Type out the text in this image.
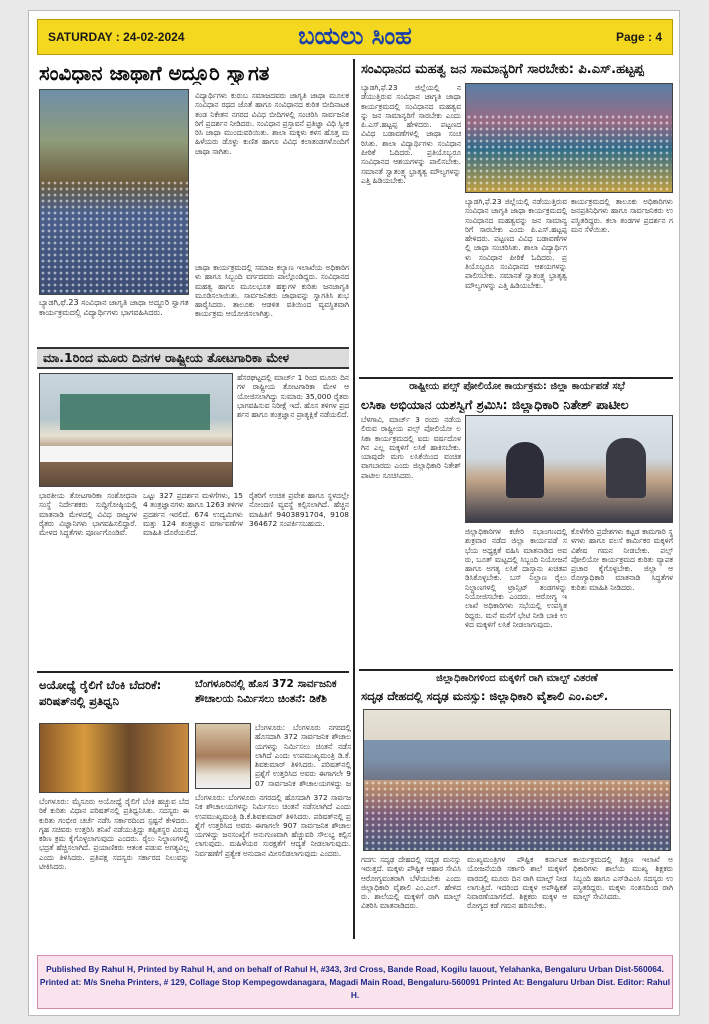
SATURDAY : 24-02-2024	ಬಯಲು ಸಿಂಹ	Page : 4
ಸಂವಿಧಾನ ಜಾಥಾಗೆ ಅದ್ದೂರಿ ಸ್ವಾಗತ
ಬ್ಯಾಡಗಿ,ಫೆ.23 ಸಂವಿಧಾನ ಜಾಗೃತಿ ಜಾಥಾ ಅದ್ದೂರಿ ಸ್ವಾಗತ ಕಾರ್ಯಕ್ರಮದಲ್ಲಿ ವಿದ್ಯಾರ್ಥಿಗಳು ಭಾಗವಹಿಸಿದರು.
ವಿದ್ಯಾರ್ಥಿಗಳು ಕುರುಬ ಸಮಾಜದವರು ಜಾಗೃತಿ ಜಾಥಾ ಮೂಲಕ ಸಂವಿಧಾನ ರಥದ ಜೊತೆ ಹಾಗೂ ಸಂವಿಧಾನದ ಕುರಿತ ಬೀದಿನಾಟಕ ತಂಡ ನಿಕೇತನ ನಗರದ ವಿವಿಧ ಬೀದಿಗಳಲ್ಲಿ ಸಂಚರಿಸಿ ಸಾರ್ವಜನಿಕರಿಗೆ ಪ್ರದರ್ಶನ ನೀಡಿದರು. ಸಂವಿಧಾನ ಪ್ರಸ್ತಾವನೆ ಪ್ರತಿಜ್ಞಾ ವಿಧಿ ಸ್ವೀಕರಿಸಿ ಜಾಥಾ ಮುಂದುವರಿಯಿತು. ಶಾಲಾ ಮಕ್ಕಳು ಕಳಸ ಹೊತ್ತ ಮಹಿಳೆಯರು ಡೊಳ್ಳು ಕುಣಿತ ಹಾಗೂ ವಿವಿಧ ಕಲಾತಂಡಗಳೊಂದಿಗೆ ಜಾಥಾ ಸಾಗಿತು.
ಜಾಥಾ ಕಾರ್ಯಕ್ರಮದಲ್ಲಿ ಸಮಾಜ ಕಲ್ಯಾಣ ಇಲಾಖೆಯ ಅಧಿಕಾರಿಗಳು ಹಾಗೂ ಸಿಬ್ಬಂದಿ ವರ್ಗದವರು ಪಾಲ್ಗೊಂಡಿದ್ದರು. ಸಂವಿಧಾನದ ಮಹತ್ವ ಹಾಗೂ ಮೂಲಭೂತ ಹಕ್ಕುಗಳ ಕುರಿತು ಜನಜಾಗೃತಿ ಮೂಡಿಸಲಾಯಿತು. ಸಾರ್ವಜನಿಕರು ಜಾಥಾವನ್ನು ಸ್ವಾಗತಿಸಿ ಶುಭ ಹಾರೈಸಿದರು. ತಾಲೂಕು ಆಡಳಿತ ವತಿಯಿಂದ ವ್ಯವಸ್ಥಿತವಾಗಿ ಕಾರ್ಯಕ್ರಮ ಆಯೋಜಿಸಲಾಗಿತ್ತು.
ಮಾ.1ರಿಂದ ಮೂರು ದಿನಗಳ ರಾಷ್ಟ್ರೀಯ ತೋಟಗಾರಿಕಾ ಮೇಳ
ಹೆಸರಘಟ್ಟದಲ್ಲಿ ಮಾರ್ಚ್ 1 ರಿಂದ ಮೂರು ದಿನಗಳ ರಾಷ್ಟ್ರೀಯ ತೋಟಗಾರಿಕಾ ಮೇಳ ಆಯೋಜಿಸಲಾಗಿದ್ದು ಸುಮಾರು 35,000 ರೈತರು ಭಾಗವಹಿಸುವ ನಿರೀಕ್ಷೆ ಇದೆ. ಹೊಸ ತಳಿಗಳ ಪ್ರದರ್ಶನ ಹಾಗೂ ತಂತ್ರಜ್ಞಾನ ಪ್ರಾತ್ಯಕ್ಷಿಕೆ ನಡೆಯಲಿದೆ.
ಭಾರತೀಯ ತೋಟಗಾರಿಕಾ ಸಂಶೋಧನಾ ಸಂಸ್ಥೆ ನಿರ್ದೇಶಕರು ಸುದ್ದಿಗೋಷ್ಠಿಯಲ್ಲಿ ಮಾತನಾಡಿ ಮೇಳದಲ್ಲಿ ವಿವಿಧ ರಾಜ್ಯಗಳ ರೈತರು ವಿಜ್ಞಾನಿಗಳು ಭಾಗವಹಿಸಲಿದ್ದಾರೆ. ಮೇಳದ ಸಿದ್ಧತೆಗಳು ಪೂರ್ಣಗೊಂಡಿವೆ.
ಒಟ್ಟು 327 ಪ್ರದರ್ಶನ ಮಳಿಗೆಗಳು, 154 ತಂತ್ರಜ್ಞಾನಗಳು ಹಾಗೂ 1263 ತಳಿಗಳ ಪ್ರದರ್ಶನ ಇರಲಿದೆ. 674 ಉದ್ಯಮಿಗಳು ಮತ್ತು 124 ತಂತ್ರಜ್ಞಾನ ವರ್ಗಾವಣೆಗಳ ಮಾಹಿತಿ ದೊರೆಯಲಿದೆ.
ರೈತರಿಗೆ ಉಚಿತ ಪ್ರವೇಶ ಹಾಗೂ ಸ್ಥಳದಲ್ಲೇ ನೋಂದಣಿ ವ್ಯವಸ್ಥೆ ಕಲ್ಪಿಸಲಾಗಿದೆ. ಹೆಚ್ಚಿನ ಮಾಹಿತಿಗೆ 9403891704, 9108364672 ಸಂಪರ್ಕಿಸಬಹುದು.
ಅಯೋಧ್ಯೆ ರೈಲಿಗೆ ಬೆಂಕಿ ಬೆದರಿಕೆ: ಪರಿಷತ್‌ನಲ್ಲಿ ಪ್ರತಿಧ್ವನಿ
ಬೆಂಗಳೂರು: ಮೈಸೂರು ಅಯೋಧ್ಯೆ ರೈಲಿಗೆ ಬೆಂಕಿ ಹಚ್ಚುವ ಬೆದರಿಕೆ ಕುರಿತು ವಿಧಾನ ಪರಿಷತ್‌ನಲ್ಲಿ ಪ್ರತಿಧ್ವನಿಸಿತು. ಸದಸ್ಯರು ಈ ಕುರಿತು ಗಂಭೀರ ಚರ್ಚೆ ನಡೆಸಿ ಸರ್ಕಾರದಿಂದ ಸ್ಪಷ್ಟನೆ ಕೇಳಿದರು. ಗೃಹ ಸಚಿವರು ಉತ್ತರಿಸಿ ತನಿಖೆ ನಡೆಯುತ್ತಿದ್ದು ತಪ್ಪಿತಸ್ಥರ ವಿರುದ್ಧ ಕಠಿಣ ಕ್ರಮ ಕೈಗೊಳ್ಳಲಾಗುವುದು ಎಂದರು. ರೈಲು ನಿಲ್ದಾಣಗಳಲ್ಲಿ ಭದ್ರತೆ ಹೆಚ್ಚಿಸಲಾಗಿದೆ. ಪ್ರಯಾಣಿಕರು ಆತಂಕ ಪಡುವ ಅಗತ್ಯವಿಲ್ಲ ಎಂದು ತಿಳಿಸಿದರು. ಪ್ರತಿಪಕ್ಷ ಸದಸ್ಯರು ಸರ್ಕಾರದ ನಿಲುವನ್ನು ಟೀಕಿಸಿದರು.
ಬೆಂಗಳೂರಿನಲ್ಲಿ ಹೊಸ 372 ಸಾರ್ವಜನಿಕ ಶೌಚಾಲಯ ನಿರ್ಮಿಸಲು ಚಿಂತನೆ: ಡಿಕೆಶಿ
ಬೆಂಗಳೂರು: ಬೆಂಗಳೂರು ನಗರದಲ್ಲಿ ಹೊಸದಾಗಿ 372 ಸಾರ್ವಜನಿಕ ಶೌಚಾಲಯಗಳನ್ನು ನಿರ್ಮಿಸಲು ಚಿಂತನೆ ನಡೆಸಲಾಗಿದೆ ಎಂದು ಉಪಮುಖ್ಯಮಂತ್ರಿ ಡಿ.ಕೆ.ಶಿವಕುಮಾರ್ ತಿಳಿಸಿದರು. ಪರಿಷತ್‌ನಲ್ಲಿ ಪ್ರಶ್ನೆಗೆ ಉತ್ತರಿಸಿದ ಅವರು ಈಗಾಗಲೇ 907 ಸಾರ್ವಜನಿಕ ಶೌಚಾಲಯಗಳಿದ್ದು ಜ
ಬೆಂಗಳೂರು: ಬೆಂಗಳೂರು ನಗರದಲ್ಲಿ ಹೊಸದಾಗಿ 372 ಸಾರ್ವಜನಿಕ ಶೌಚಾಲಯಗಳನ್ನು ನಿರ್ಮಿಸಲು ಚಿಂತನೆ ನಡೆಸಲಾಗಿದೆ ಎಂದು ಉಪಮುಖ್ಯಮಂತ್ರಿ ಡಿ.ಕೆ.ಶಿವಕುಮಾರ್ ತಿಳಿಸಿದರು. ಪರಿಷತ್‌ನಲ್ಲಿ ಪ್ರಶ್ನೆಗೆ ಉತ್ತರಿಸಿದ ಅವರು ಈಗಾಗಲೇ 907 ಸಾರ್ವಜನಿಕ ಶೌಚಾಲಯಗಳಿದ್ದು ಜನಸಂಖ್ಯೆಗೆ ಅನುಗುಣವಾಗಿ ಹೆಚ್ಚುವರಿ ಸೌಲಭ್ಯ ಕಲ್ಪಿಸಲಾಗುವುದು. ಮಹಿಳೆಯರ ಸುರಕ್ಷತೆಗೆ ಆದ್ಯತೆ ನೀಡಲಾಗುವುದು. ನಿರ್ವಹಣೆಗೆ ಪ್ರತ್ಯೇಕ ಅನುದಾನ ಮೀಸಲಿಡಲಾಗುವುದು ಎಂದರು.
ಸಂವಿಧಾನದ ಮಹತ್ವ ಜನ ಸಾಮಾನ್ಯರಿಗೆ ಸಾರಬೇಕು: ಪಿ.ಎಸ್.ಹಟ್ಟಪ್ಪ
ಬ್ಯಾಡಗಿ,ಫೆ.23 ಜಿಲ್ಲೆಯಲ್ಲಿ ನಡೆಯುತ್ತಿರುವ ಸಂವಿಧಾನ ಜಾಗೃತಿ ಜಾಥಾ ಕಾರ್ಯಕ್ರಮದಲ್ಲಿ ಸಂವಿಧಾನದ ಮಹತ್ವವನ್ನು ಜನ ಸಾಮಾನ್ಯರಿಗೆ ಸಾರಬೇಕು ಎಂದು ಪಿ.ಎಸ್.ಹಟ್ಟಪ್ಪ ಹೇಳಿದರು. ಪಟ್ಟಣದ ವಿವಿಧ ಬಡಾವಣೆಗಳಲ್ಲಿ ಜಾಥಾ ಸಂಚರಿಸಿತು. ಶಾಲಾ ವಿದ್ಯಾರ್ಥಿಗಳು ಸಂವಿಧಾನ ಪೀಠಿಕೆ ಓದಿದರು. ಪ್ರತಿಯೊಬ್ಬರೂ ಸಂವಿಧಾನದ ಆಶಯಗಳನ್ನು ಪಾಲಿಸಬೇಕು. ಸಮಾನತೆ ಸ್ವಾತಂತ್ರ್ಯ ಭ್ರಾತೃತ್ವ ಮೌಲ್ಯಗಳನ್ನು ಎತ್ತಿ ಹಿಡಿಯಬೇಕು.
ಬ್ಯಾಡಗಿ,ಫೆ.23 ಜಿಲ್ಲೆಯಲ್ಲಿ ನಡೆಯುತ್ತಿರುವ ಸಂವಿಧಾನ ಜಾಗೃತಿ ಜಾಥಾ ಕಾರ್ಯಕ್ರಮದಲ್ಲಿ ಸಂವಿಧಾನದ ಮಹತ್ವವನ್ನು ಜನ ಸಾಮಾನ್ಯರಿಗೆ ಸಾರಬೇಕು ಎಂದು ಪಿ.ಎಸ್.ಹಟ್ಟಪ್ಪ ಹೇಳಿದರು. ಪಟ್ಟಣದ ವಿವಿಧ ಬಡಾವಣೆಗಳಲ್ಲಿ ಜಾಥಾ ಸಂಚರಿಸಿತು. ಶಾಲಾ ವಿದ್ಯಾರ್ಥಿಗಳು ಸಂವಿಧಾನ ಪೀಠಿಕೆ ಓದಿದರು. ಪ್ರತಿಯೊಬ್ಬರೂ ಸಂವಿಧಾನದ ಆಶಯಗಳನ್ನು ಪಾಲಿಸಬೇಕು. ಸಮಾನತೆ ಸ್ವಾತಂತ್ರ್ಯ ಭ್ರಾತೃತ್ವ ಮೌಲ್ಯಗಳನ್ನು ಎತ್ತಿ ಹಿಡಿಯಬೇಕು.
ಕಾರ್ಯಕ್ರಮದಲ್ಲಿ ತಾಲೂಕು ಅಧಿಕಾರಿಗಳು ಜನಪ್ರತಿನಿಧಿಗಳು ಹಾಗೂ ಸಾರ್ವಜನಿಕರು ಉಪಸ್ಥಿತರಿದ್ದರು. ಕಲಾ ತಂಡಗಳ ಪ್ರದರ್ಶನ ಗಮನ ಸೆಳೆಯಿತು.
ರಾಷ್ಟ್ರೀಯ ಪಲ್ಸ್ ಪೋಲಿಯೋ ಕಾರ್ಯಕ್ರಮ: ಜಿಲ್ಲಾ ಕಾರ್ಯಪಡೆ ಸಭೆ
ಲಸಿಕಾ ಅಭಿಯಾನ ಯಶಸ್ವಿಗೆ ಶ್ರಮಿಸಿ: ಜಿಲ್ಲಾಧಿಕಾರಿ ನಿತೇಶ್ ಪಾಟೀಲ
ಬೆಳಗಾವಿ, ಮಾರ್ಚ್ 3 ರಂದು ನಡೆಯಲಿರುವ ರಾಷ್ಟ್ರೀಯ ಪಲ್ಸ್ ಪೋಲಿಯೋ ಲಸಿಕಾ ಕಾರ್ಯಕ್ರಮದಲ್ಲಿ ಐದು ವರ್ಷದೊಳಗಿನ ಎಲ್ಲ ಮಕ್ಕಳಿಗೆ ಲಸಿಕೆ ಹಾಕಿಸಬೇಕು. ಯಾವುದೇ ಮಗು ಲಸಿಕೆಯಿಂದ ವಂಚಿತವಾಗಬಾರದು ಎಂದು ಜಿಲ್ಲಾಧಿಕಾರಿ ನಿತೇಶ್ ಪಾಟೀಲ ಸೂಚಿಸಿದರು.
ಜಿಲ್ಲಾಧಿಕಾರಿಗಳ ಕಚೇರಿ ಸಭಾಂಗಣದಲ್ಲಿ ಶುಕ್ರವಾರ ನಡೆದ ಜಿಲ್ಲಾ ಕಾರ್ಯಪಡೆ ಸಭೆಯ ಅಧ್ಯಕ್ಷತೆ ವಹಿಸಿ ಮಾತನಾಡಿದ ಅವರು, ಬೂತ್ ಮಟ್ಟದಲ್ಲಿ ಸಿಬ್ಬಂದಿ ನಿಯೋಜನೆ ಹಾಗೂ ಅಗತ್ಯ ಲಸಿಕೆ ದಾಸ್ತಾನು ಖಚಿತಪಡಿಸಿಕೊಳ್ಳಬೇಕು. ಬಸ್ ನಿಲ್ದಾಣ ರೈಲು ನಿಲ್ದಾಣಗಳಲ್ಲಿ ಟ್ರಾನ್ಸಿಟ್ ತಂಡಗಳನ್ನು ನಿಯೋಜಿಸಬೇಕು ಎಂದರು. ಆರೋಗ್ಯ ಇಲಾಖೆ ಅಧಿಕಾರಿಗಳು ಸಭೆಯಲ್ಲಿ ಉಪಸ್ಥಿತರಿದ್ದರು. ಮನೆ ಮನೆಗೆ ಭೇಟಿ ನೀಡಿ ಬಾಕಿ ಉಳಿದ ಮಕ್ಕಳಿಗೆ ಲಸಿಕೆ ನೀಡಲಾಗುವುದು.
ಕೊಳೆಗೇರಿ ಪ್ರದೇಶಗಳು ಕಟ್ಟಡ ಕಾಮಗಾರಿ ಸ್ಥಳಗಳು ಹಾಗೂ ವಲಸೆ ಕಾರ್ಮಿಕರ ಮಕ್ಕಳಿಗೆ ವಿಶೇಷ ಗಮನ ನೀಡಬೇಕು. ಪಲ್ಸ್ ಪೋಲಿಯೋ ಕಾರ್ಯಕ್ರಮದ ಕುರಿತು ವ್ಯಾಪಕ ಪ್ರಚಾರ ಕೈಗೊಳ್ಳಬೇಕು. ಜಿಲ್ಲಾ ಆರೋಗ್ಯಾಧಿಕಾರಿ ಮಾತನಾಡಿ ಸಿದ್ಧತೆಗಳ ಕುರಿತು ಮಾಹಿತಿ ನೀಡಿದರು.
ಜಿಲ್ಲಾಧಿಕಾರಿಗಳಿಂದ ಮಕ್ಕಳಿಗೆ ರಾಗಿ ಮಾಲ್ಟ್ ವಿತರಣೆ
ಸದೃಢ ದೇಹದಲ್ಲಿ ಸದೃಢ ಮನಸ್ಸು: ಜಿಲ್ಲಾಧಿಕಾರಿ ವೈಶಾಲಿ ಎಂ.ಎಲ್.
ಗದಗ: ಸದೃಢ ದೇಹದಲ್ಲಿ ಸದೃಢ ಮನಸ್ಸು ಇರುತ್ತದೆ. ಮಕ್ಕಳು ಪೌಷ್ಟಿಕ ಆಹಾರ ಸೇವಿಸಿ ಆರೋಗ್ಯವಂತರಾಗಿ ಬೆಳೆಯಬೇಕು ಎಂದು ಜಿಲ್ಲಾಧಿಕಾರಿ ವೈಶಾಲಿ ಎಂ.ಎಲ್. ಹೇಳಿದರು. ಶಾಲೆಯಲ್ಲಿ ಮಕ್ಕಳಿಗೆ ರಾಗಿ ಮಾಲ್ಟ್ ವಿತರಿಸಿ ಮಾತನಾಡಿದರು.
ಮುಖ್ಯಮಂತ್ರಿಗಳ ಪೌಷ್ಟಿಕ ಕರ್ನಾಟಕ ಯೋಜನೆಯಡಿ ಸರ್ಕಾರಿ ಶಾಲೆ ಮಕ್ಕಳಿಗೆ ವಾರದಲ್ಲಿ ಮೂರು ದಿನ ರಾಗಿ ಮಾಲ್ಟ್ ನೀಡಲಾಗುತ್ತಿದೆ. ಇದರಿಂದ ಮಕ್ಕಳ ಅಪೌಷ್ಟಿಕತೆ ನಿವಾರಣೆಯಾಗಲಿದೆ. ಶಿಕ್ಷಕರು ಮಕ್ಕಳ ಆರೋಗ್ಯದ ಕಡೆ ಗಮನ ಹರಿಸಬೇಕು.
ಕಾರ್ಯಕ್ರಮದಲ್ಲಿ ಶಿಕ್ಷಣ ಇಲಾಖೆ ಅಧಿಕಾರಿಗಳು ಶಾಲೆಯ ಮುಖ್ಯ ಶಿಕ್ಷಕರು ಸಿಬ್ಬಂದಿ ಹಾಗೂ ಎಸ್‌ಡಿಎಂಸಿ ಸದಸ್ಯರು ಉಪಸ್ಥಿತರಿದ್ದರು. ಮಕ್ಕಳು ಸಂತಸದಿಂದ ರಾಗಿ ಮಾಲ್ಟ್ ಸೇವಿಸಿದರು.
Published By Rahul H, Printed by Rahul H, and on behalf of Rahul H, #343, 3rd Cross, Bande Road, Kogilu lauout, Yelahanka, Bengaluru Urban Dist-560064.
Printed at: M/s Sneha Printers, # 129, Collage Stop Kempegowdanagara, Magadi Main Road, Bengaluru-560091 Printed At: Bengaluru Urban Dist. Editor: Rahul H.
